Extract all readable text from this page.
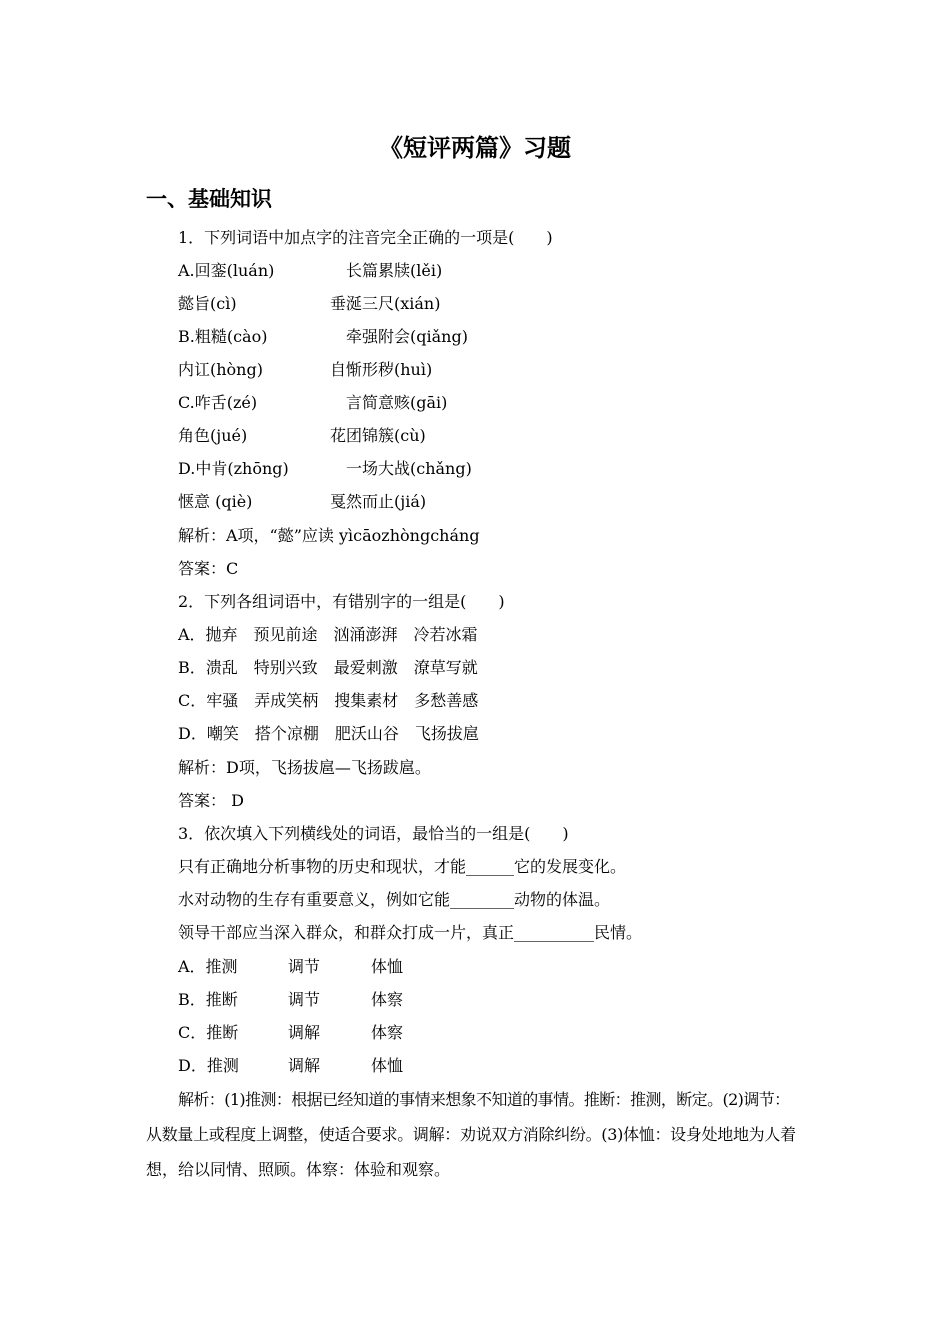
《短评两篇》习题
一、基础知识
1．下列词语中加点字的注音完全正确的一项是(　　)
A.回銮(luán)	长篇累牍(lěi)
懿旨(cì)	垂涎三尺(xián)
B.粗糙(cào)	牵强附会(qiǎng)
内讧(hòng)	自惭形秽(huì)
C.咋舌(zé)	言简意赅(gāi)
角色(jué)	花团锦簇(cù)
D.中肯(zhōng)	一场大战(chǎng)
惬意 (qiè)	戛然而止(jiá)
解析：A项，“懿”应读 yìcāozhòngcháng
答案：C
2．下列各组词语中，有错别字的一组是(　　)
A．抛弃　预见前途　汹涌澎湃　冷若冰霜
B．溃乱　特别兴致　最爱刺激　潦草写就
C．牢骚　弄成笑柄　搜集素材　多愁善感
D．嘲笑　搭个凉棚　肥沃山谷　飞扬拔扈
解析：D项，飞扬拔扈—飞扬跋扈。
答案： D
3．依次填入下列横线处的词语，最恰当的一组是(　　)
只有正确地分析事物的历史和现状，才能______它的发展变化。
水对动物的生存有重要意义，例如它能________动物的体温。
领导干部应当深入群众，和群众打成一片，真正__________民情。
A．推测	调节	体恤
B．推断	调节	体察
C．推断	调解	体察
D．推测	调解	体恤
解析：(1)推测：根据已经知道的事情来想象不知道的事情。推断：推测，断定。(2)调节：
从数量上或程度上调整，使适合要求。调解：劝说双方消除纠纷。(3)体恤：设身处地地为人着
想，给以同情、照顾。体察：体验和观察。
